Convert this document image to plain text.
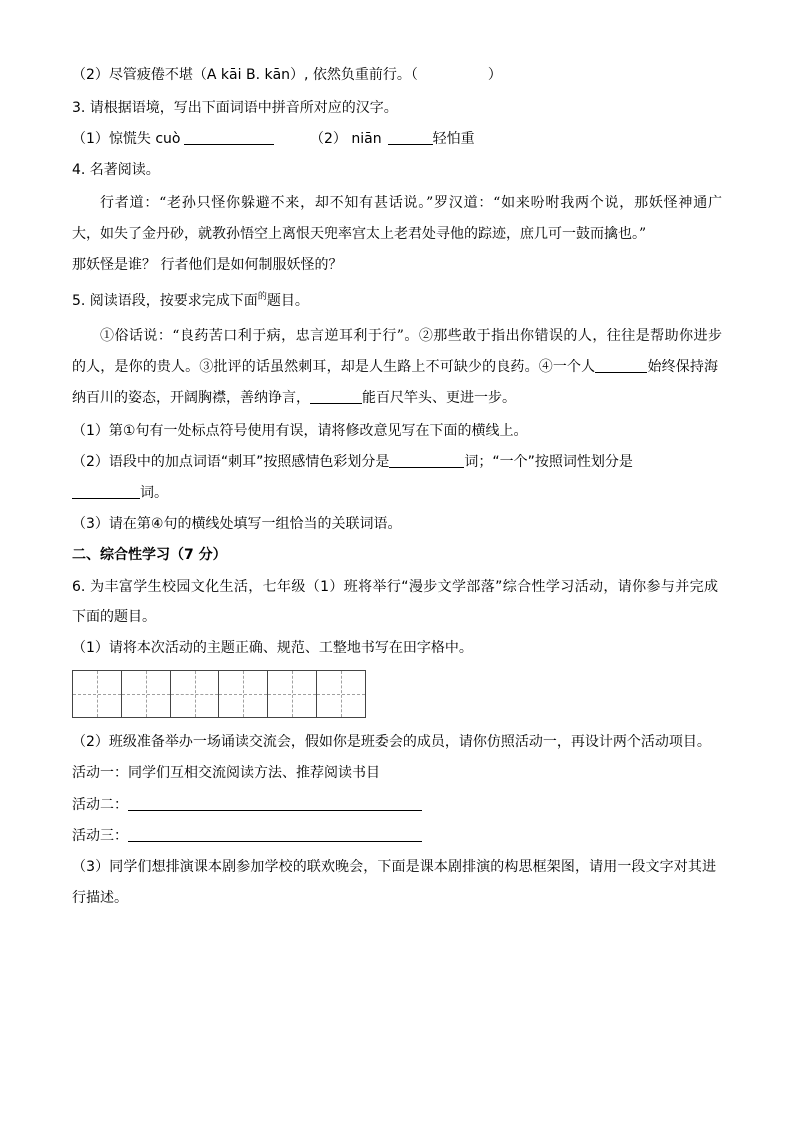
（2）尽管疲倦不堪（A kāi B. kān）, 依然负重前行。（　　　　　）
3. 请根据语境，写出下面词语中拼音所对应的汉字。
（1）惊慌失 cuò	（2） niān	轻怕重
4. 名著阅读。
行者道：“老孙只怪你躲避不来，却不知有甚话说。”罗汉道：“如来吩咐我两个说，那妖怪神通广
大，如失了金丹砂，就教孙悟空上离恨天兜率宫太上老君处寻他的踪迹，庶几可一鼓而擒也。”
那妖怪是谁？ 行者他们是如何制服妖怪的？
5. 阅读语段，按要求完成下面$^的$题目。
①俗话说：“良药苦口利于病，忠言逆耳利于行”。②那些敢于指出你错误的人，往往是帮助你进步
的人，是你的贵人。③批评的话虽然刺耳，却是人生路上不可缺少的良药。④一个人	始终保持海
纳百川的姿态，开阔胸襟，善纳诤言，	能百尺竿头、更进一步。
（1）第①句有一处标点符号使用有误，请将修改意见写在下面的横线上。
（2）语段中的加点词语“刺耳”按照感情色彩划分是	词；“一个”按照词性划分是
词。
（3）请在第④句的横线处填写一组恰当的关联词语。
二、综合性学习（7 分）
6. 为丰富学生校园文化生活，七年级（1）班将举行“漫步文学部落”综合性学习活动，请你参与并完成
下面的题目。
（1）请将本次活动的主题正确、规范、工整地书写在田字格中。
（2）班级准备举办一场诵读交流会，假如你是班委会的成员，请你仿照活动一，再设计两个活动项目。
活动一：同学们互相交流阅读方法、推荐阅读书目
活动二：
活动三：
（3）同学们想排演课本剧参加学校的联欢晚会，下面是课本剧排演的构思框架图，请用一段文字对其进
行描述。
